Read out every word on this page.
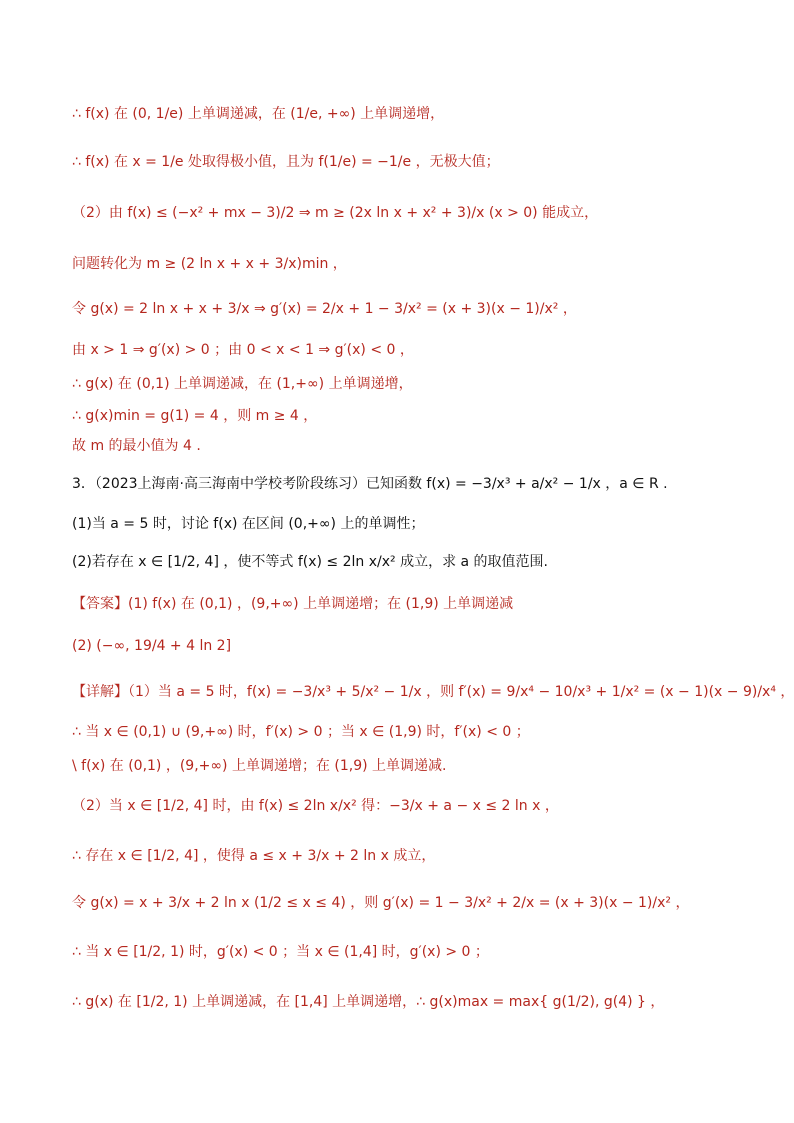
∴ f(x) 在 (0, 1/e) 上单调递减，在 (1/e, +∞) 上单调递增，
∴ f(x) 在 x = 1/e 处取得极小值，且为 f(1/e) = −1/e ，无极大值；
（2）由 f(x) ≤ (−x² + mx − 3)/2 ⇒ m ≥ (2x ln x + x² + 3)/x (x > 0) 能成立，
问题转化为 m ≥ (2 ln x + x + 3/x)min ，
令 g(x) = 2 ln x + x + 3/x ⇒ g′(x) = 2/x + 1 − 3/x² = (x + 3)(x − 1)/x² ，
由 x > 1 ⇒ g′(x) > 0 ；由 0 < x < 1 ⇒ g′(x) < 0 ，
∴ g(x) 在 (0,1) 上单调递减，在 (1,+∞) 上单调递增，
∴ g(x)min = g(1) = 4 ，则 m ≥ 4 ，
故 m 的最小值为 4 .
3．（2023上海南·高三海南中学校考阶段练习）已知函数 f(x) = −3/x³ + a/x² − 1/x ，a ∈ R .
(1)当 a = 5 时，讨论 f(x) 在区间 (0,+∞) 上的单调性；
(2)若存在 x ∈ [1/2, 4] ，使不等式 f(x) ≤ 2ln x/x² 成立，求 a 的取值范围.
【答案】(1) f(x) 在 (0,1) ，(9,+∞) 上单调递增；在 (1,9) 上单调递减
(2) (−∞, 19/4 + 4 ln 2]
【详解】（1）当 a = 5 时，f(x) = −3/x³ + 5/x² − 1/x ，则 f′(x) = 9/x⁴ − 10/x³ + 1/x² = (x − 1)(x − 9)/x⁴ ，
∴ 当 x ∈ (0,1) ∪ (9,+∞) 时，f′(x) > 0 ；当 x ∈ (1,9) 时，f′(x) < 0 ；
\ f(x) 在 (0,1) ，(9,+∞) 上单调递增；在 (1,9) 上单调递减.
（2）当 x ∈ [1/2, 4] 时，由 f(x) ≤ 2ln x/x² 得：−3/x + a − x ≤ 2 ln x ，
∴ 存在 x ∈ [1/2, 4] ，使得 a ≤ x + 3/x + 2 ln x 成立，
令 g(x) = x + 3/x + 2 ln x (1/2 ≤ x ≤ 4) ，则 g′(x) = 1 − 3/x² + 2/x = (x + 3)(x − 1)/x² ，
∴ 当 x ∈ [1/2, 1) 时，g′(x) < 0 ；当 x ∈ (1,4] 时，g′(x) > 0 ；
∴ g(x) 在 [1/2, 1) 上单调递减，在 [1,4] 上单调递增，∴ g(x)max = max{ g(1/2), g(4) } ，
